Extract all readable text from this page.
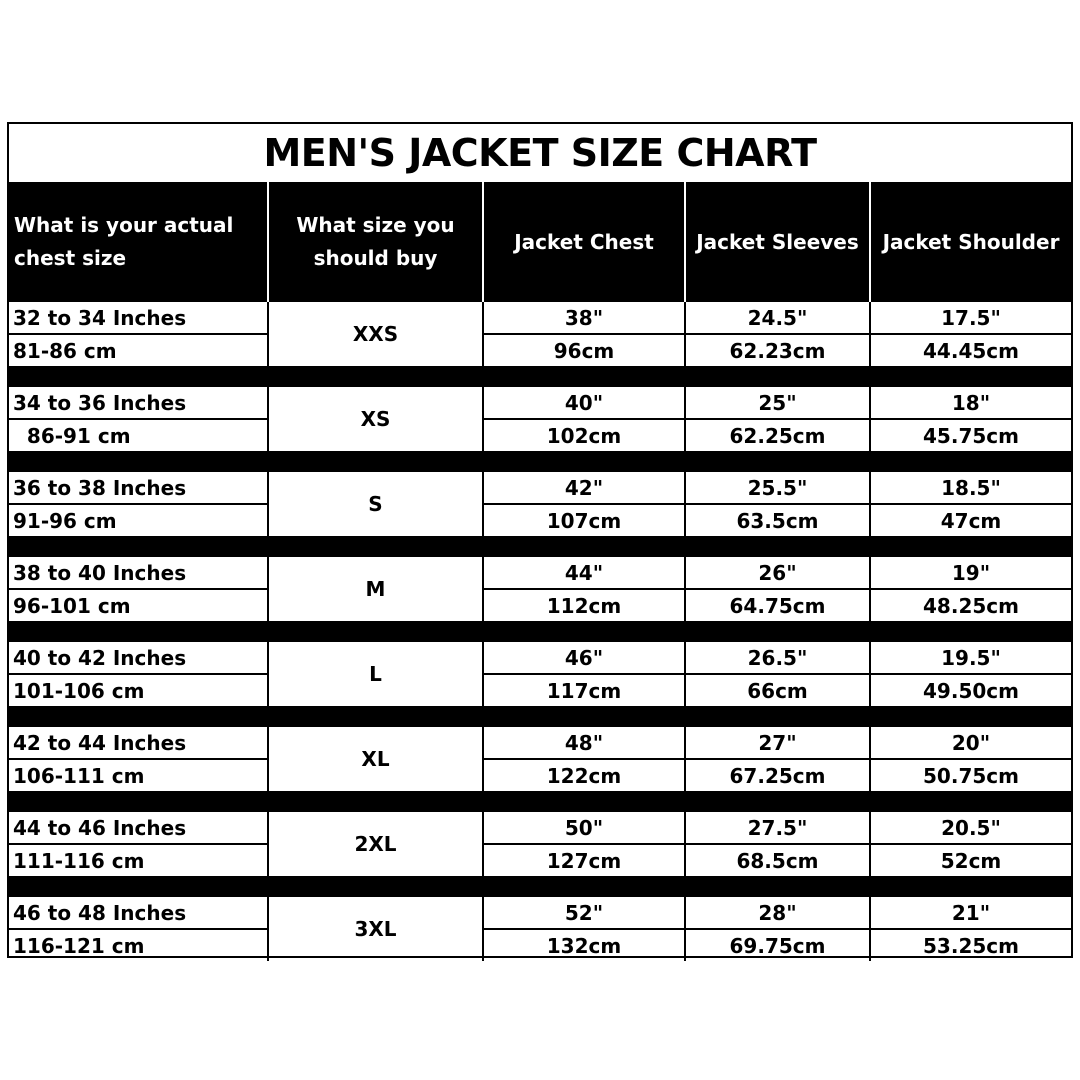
MEN'S JACKET SIZE CHART
What is your actual
chest size
What size you
should buy
Jacket Chest	Jacket Sleeves	Jacket Shoulder
32 to 34 Inches
81-86 cm
XXS
38"
96cm
24.5"
62.23cm
17.5"
44.45cm
34 to 36 Inches
86-91 cm
XS
40"
102cm
25"
62.25cm
18"
45.75cm
36 to 38 Inches
91-96 cm
S
42"
107cm
25.5"
63.5cm
18.5"
47cm
38 to 40 Inches
96-101 cm
M
44"
112cm
26"
64.75cm
19"
48.25cm
40 to 42 Inches
101-106 cm
L
46"
117cm
26.5"
66cm
19.5"
49.50cm
42 to 44 Inches
106-111 cm
XL
48"
122cm
27"
67.25cm
20"
50.75cm
44 to 46 Inches
111-116 cm
2XL
50"
127cm
27.5"
68.5cm
20.5"
52cm
46 to 48 Inches
116-121 cm
3XL
52"
132cm
28"
69.75cm
21"
53.25cm
